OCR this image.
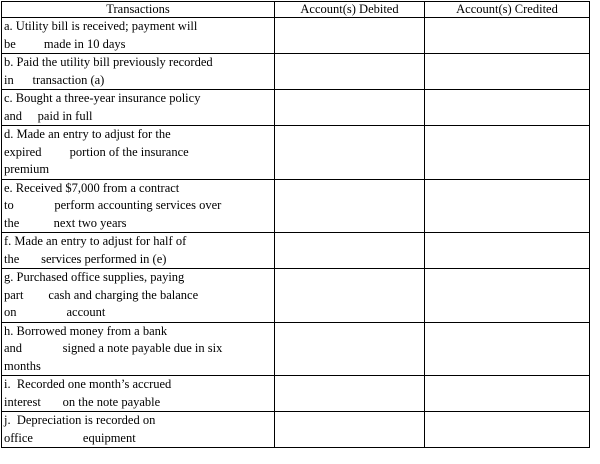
Transactions	Account(s) Debited	Account(s) Credited

a. Utility bill is received; payment will
be         made in 10 days		

b. Paid the utility bill previously recorded
in      transaction (a)		

c. Bought a three-year insurance policy
and     paid in full		

d. Made an entry to adjust for the
expired         portion of the insurance
premium		

e. Received $7,000 from a contract
to             perform accounting services over
the           next two years		

f. Made an entry to adjust for half of
the       services performed in (e)		

g. Purchased office supplies, paying
part        cash and charging the balance
on                account		

h. Borrowed money from a bank
and             signed a note payable due in six
months		

i.  Recorded one month’s accrued
interest       on the note payable		

j.  Depreciation is recorded on
office                equipment		
